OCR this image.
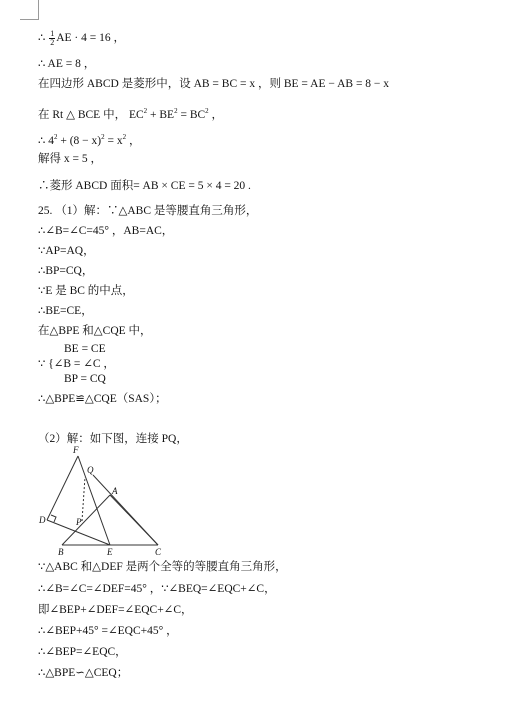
∴ $\frac{1}{2}$ AE · 4 = 16 ，
∴ AE = 8 ，
在四边形 ABCD 是菱形中，设 AB = BC = x ，则 BE = AE − AB = 8 − x
在 Rt △ BCE 中， $EC^2 + BE^2 = BC^2$ ，
∴ $4^2 + (8 - x)^2 = x^2$ ，
解得 x = 5 ，
∴菱形 ABCD 面积= AB × CE = 5 × 4 = 20 .
25. （1）解：∵△ABC 是等腰直角三角形，
∴∠B=∠C=45° ，AB=AC，
∵AP=AQ，
∴BP=CQ，
∵E 是 BC 的中点，
∴BE=CE，
在△BPE 和△CQE 中，
BE = CE
∵ {∠B = ∠C ，
BP = CQ
∴△BPE≌△CQE（SAS）；
（2）解：如下图，连接 PQ，
F
Q
A
D	P
B	E	C
∵△ABC 和△DEF 是两个全等的等腰直角三角形，
∴∠B=∠C=∠DEF=45° ，∵∠BEQ=∠EQC+∠C，
即∠BEP+∠DEF=∠EQC+∠C，
∴∠BEP+45° =∠EQC+45° ，
∴∠BEP=∠EQC，
∴△BPE∽△CEQ；
